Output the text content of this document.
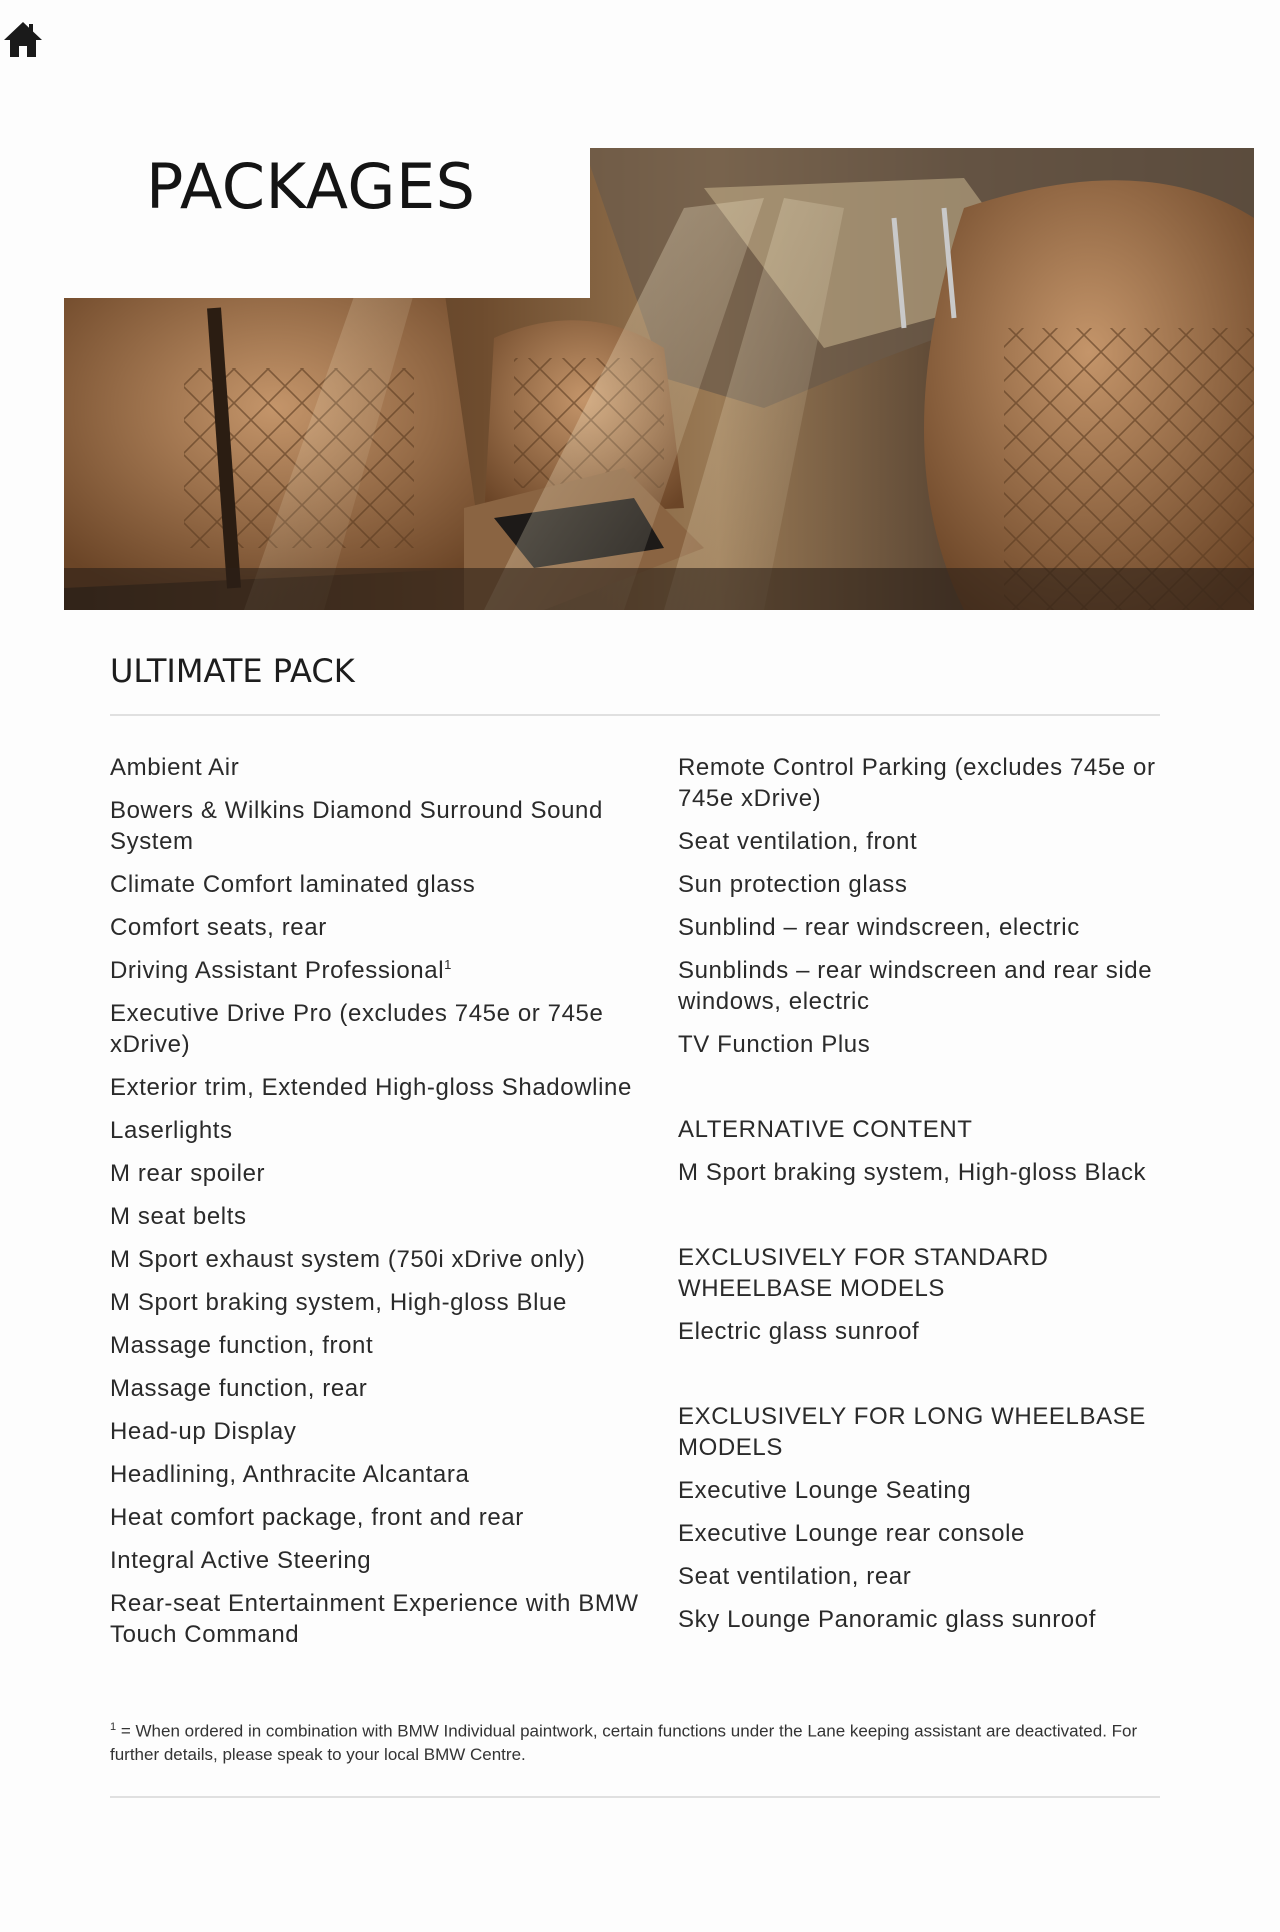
PACKAGES
ULTIMATE PACK

Ambient Air

Bowers & Wilkins Diamond Surround Sound System

Climate Comfort laminated glass

Comfort seats, rear

Driving Assistant Professional$^1$

Executive Drive Pro (excludes 745e or 745e xDrive)

Exterior trim, Extended High-gloss Shadowline

Laserlights

M rear spoiler

M seat belts

M Sport exhaust system (750i xDrive only)

M Sport braking system, High-gloss Blue

Massage function, front

Massage function, rear

Head-up Display

Headlining, Anthracite Alcantara

Heat comfort package, front and rear

Integral Active Steering

Rear-seat Entertainment Experience with BMW Touch Command

Remote Control Parking (excludes 745e or 745e xDrive)

Seat ventilation, front

Sun protection glass

Sunblind – rear windscreen, electric

Sunblinds – rear windscreen and rear side windows, electric

TV Function Plus

ALTERNATIVE CONTENT

M Sport braking system, High-gloss Black

EXCLUSIVELY FOR STANDARD WHEELBASE MODELS

Electric glass sunroof

EXCLUSIVELY FOR LONG WHEELBASE MODELS

Executive Lounge Seating

Executive Lounge rear console

Seat ventilation, rear

Sky Lounge Panoramic glass sunroof

$^1$ = When ordered in combination with BMW Individual paintwork, certain functions under the Lane keeping assistant are deactivated. For further details, please speak to your local BMW Centre.
